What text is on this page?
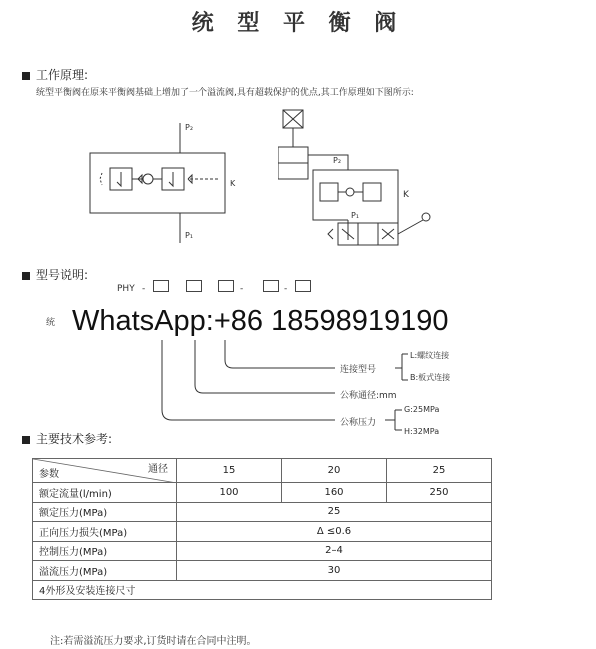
统 型 平 衡 阀
工作原理:
统型平衡阀在原来平衡阀基础上增加了一个溢流阀,具有超载保护的优点,其工作原理如下图所示:
P₂
P₁
K
P₂
P₁
K
型号说明:
PHY -	-	-
统 WhatsApp:+86 18598919190
连接型号
L:螺纹连接
B:板式连接
公称通径:mm
公称压力
G:25MPa
H:32MPa
主要技术参考:
参数 通径	15	20	25
额定流量(l/min)	100	160	250
额定压力(MPa)	25		
正向压力损失(MPa)	Δ ≤0.6		
控制压力(MPa)	2–4		
溢流压力(MPa)	30		
4外形及安装连接尺寸			
注:若需溢流压力要求,订货时请在合同中注明。
